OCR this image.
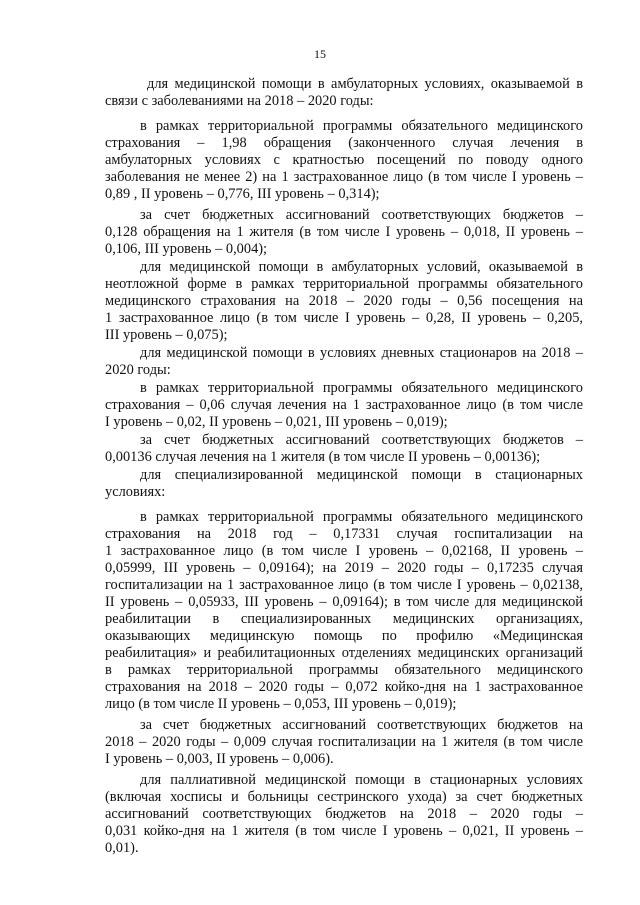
15
для медицинской помощи в амбулаторных условиях, оказываемой в
связи с заболеваниями на 2018 – 2020 годы:
в рамках территориальной программы обязательного медицинского
страхования – 1,98 обращения (законченного случая лечения в
амбулаторных условиях с кратностью посещений по поводу одного
заболевания не менее 2) на 1 застрахованное лицо (в том числе I уровень –
0,89 , II уровень – 0,776, III уровень – 0,314);
за счет бюджетных ассигнований соответствующих бюджетов –
0,128 обращения на 1 жителя (в том числе I уровень – 0,018, II уровень –
0,106, III уровень – 0,004);
для медицинской помощи в амбулаторных условий, оказываемой в
неотложной форме в рамках территориальной программы обязательного
медицинского страхования на 2018 – 2020 годы – 0,56 посещения на
1 застрахованное лицо (в том числе I уровень – 0,28, II уровень – 0,205,
III уровень – 0,075);
для медицинской помощи в условиях дневных стационаров на 2018 –
2020 годы:
в рамках территориальной программы обязательного медицинского
страхования – 0,06 случая лечения на 1 застрахованное лицо (в том числе
I уровень – 0,02, II уровень – 0,021, III уровень – 0,019);
за счет бюджетных ассигнований соответствующих бюджетов –
0,00136 случая лечения на 1 жителя (в том числе II уровень – 0,00136);
для специализированной медицинской помощи в стационарных
условиях:
в рамках территориальной программы обязательного медицинского
страхования на 2018 год – 0,17331 случая госпитализации на
1 застрахованное лицо (в том числе I уровень – 0,02168, II уровень –
0,05999, III уровень – 0,09164); на 2019 – 2020 годы – 0,17235 случая
госпитализации на 1 застрахованное лицо (в том числе I уровень – 0,02138,
II уровень – 0,05933, III уровень – 0,09164); в том числе для медицинской
реабилитации в специализированных медицинских организациях,
оказывающих медицинскую помощь по профилю «Медицинская
реабилитация» и реабилитационных отделениях медицинских организаций
в рамках территориальной программы обязательного медицинского
страхования на 2018 – 2020 годы – 0,072 койко-дня на 1 застрахованное
лицо (в том числе II уровень – 0,053, III уровень – 0,019);
за счет бюджетных ассигнований соответствующих бюджетов на
2018 – 2020 годы – 0,009 случая госпитализации на 1 жителя (в том числе
I уровень – 0,003, II уровень – 0,006).
для паллиативной медицинской помощи в стационарных условиях
(включая хосписы и больницы сестринского ухода) за счет бюджетных
ассигнований соответствующих бюджетов на 2018 – 2020 годы –
0,031 койко-дня на 1 жителя (в том числе I уровень – 0,021, II уровень –
0,01).
